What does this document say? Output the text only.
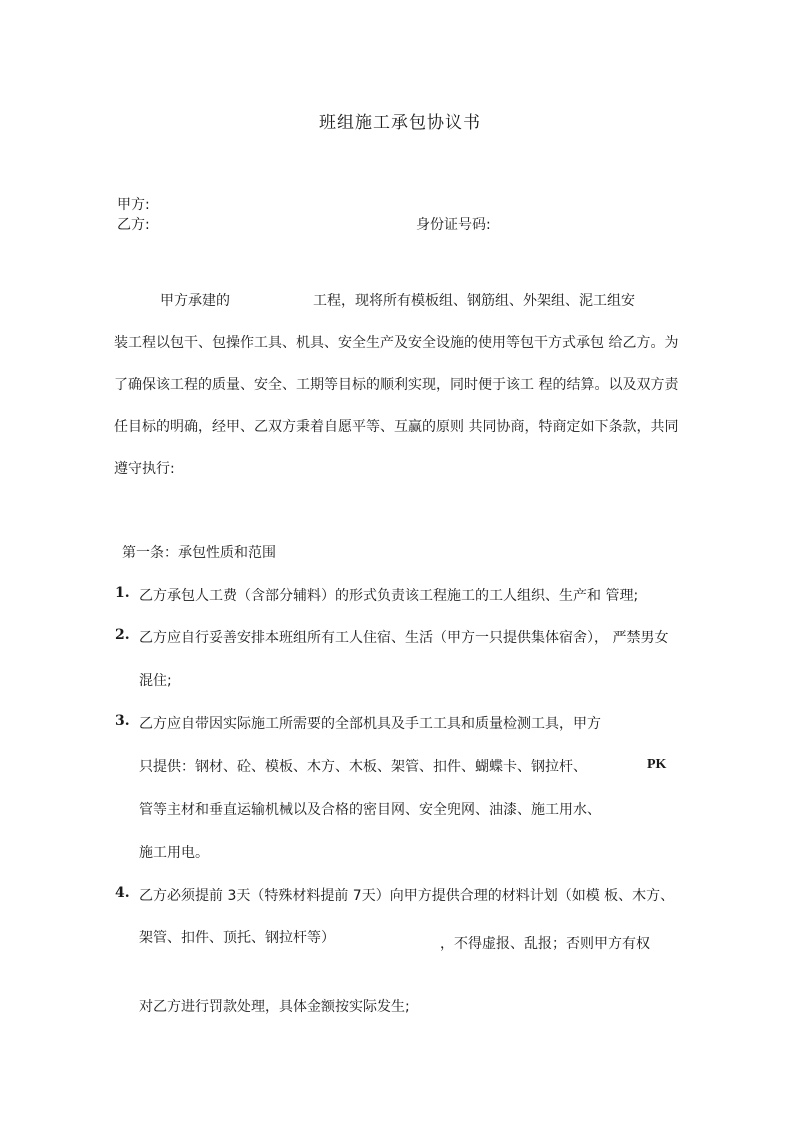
班组施工承包协议书
甲方:
乙方:	身份证号码:
甲方承建的	工程，现将所有模板组、钢筋组、外架组、泥工组安
装工程以包干、包操作工具、机具、安全生产及安全设施的使用等包干方式承包 给乙方。为
了确保该工程的质量、安全、工期等目标的顺利实现，同时便于该工 程的结算。以及双方责
任目标的明确，经甲、乙双方秉着自愿平等、互赢的原则 共同协商，特商定如下条款，共同
遵守执行:
第一条：承包性质和范围
1. 乙方承包人工费（含部分辅料）的形式负责该工程施工的工人组织、生产和 管理;
2. 乙方应自行妥善安排本班组所有工人住宿、生活（甲方一只提供集体宿舍）， 严禁男女
混住;
3. 乙方应自带因实际施工所需要的全部机具及手工工具和质量检测工具，甲方
只提供：钢材、砼、模板、木方、木板、架管、扣件、蝴蝶卡、钢拉杆、	PK
管等主材和垂直运输机械以及合格的密目网、安全兜网、油漆、施工用水、
施工用电。
4. 乙方必须提前 3天（特殊材料提前 7天）向甲方提供合理的材料计划（如模 板、木方、
架管、扣件、顶托、钢拉杆等）	，不得虚报、乱报；否则甲方有权
对乙方进行罚款处理，具体金额按实际发生;
